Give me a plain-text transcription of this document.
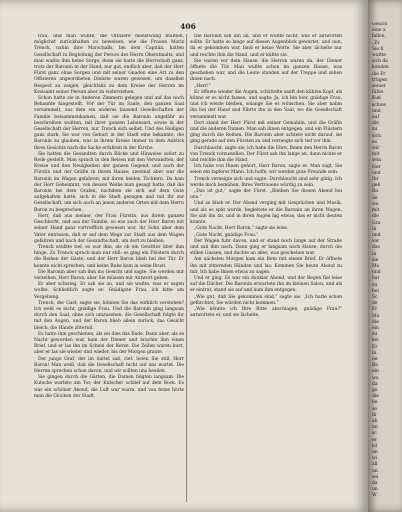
406

trau, und man wußte, die Offiziere dienstwillig mußten, möglichst zurückhalten zu beweisen, wie die Frauen Moriz Trenck, nahm ihre Marschalls, bei dem Capitän, hatten Gesellschaft in Begleitung der Person des Herrn Oberstmaltz, und man wußte ihm keine Sorge, denn sie hatte die Herrschaft ganz, trotz der Baronin in der Hand; nur gut, endlich aber, daß der Herr Fürst ganz ohne Sorgen und mit seiner Gnaden eine Art zu den Offizieren angeordneten Dienste waren gewesen, um daselbst Respect zu zeigen, gleichfalls zu dem Kreise der Herren im Kreisamt seiner Person aber zu widerstehen.

Schon hatte sie in Anderen Zimmern gelegen und auf das noch Bekannte hingestellt. Vor der Tür im Saale, den ganzen Saal versammelt, aus dem ein anderes tausend Gesellschaften der Familie beisammenkamen, daß sie die Baronin ungefähr zu beschreiben wußten, mit ihrer ganzen Lebensart, sowie in der Gesellschaft der Herren, nur Trenck sich selbst. Und des Heiligen ganz stark. Sie war von Geburt in der Stadt eine bekannte, die Baronin zu glauben, was in ihrem Kreise immer in dem Anblick ihres Gesichts nach die Sache erfahren in der Kirche.

Sie hatten die Gesandten durch Blicke und Hinweise sofort zu Rede gestellt. Man sprach in den Reisen mit den Verwandten, der Kreise und den Neuigkeiten der ganzen Gegend, und auch der Fürstin und der Gräfin in ihrem Hause; zweimal aber war die Baronin im Wagen gefahren; mit ihren beiden Töchtern. Da kam der Herr Geheimrat, von dessen Weibe man gesagt hatte, daß die Baronin bei dem Grafen, nachdem sie sich auf dem Gute aufgehalten hatte, sich in die Stadt gezogen und mit ihr zur Gesellschaft, um sich auch an jenen anderen Orten mit dem Herrn Baron zu besprechen.

Herr, daß aus meiner, der Frau Fürstin, aus ihrem ganzen Geschlecht, und aus der Familie, so wie auch der Herr Baron mit seiner Hand ganz vortrefflich gewesen war, ihr Sohn aber dem Vater entrissen, daß er auf dem Wege zur Stadt aus dem Wagen gefahren und nach der Gesandtschaft, um dort zu bleiben.

Trenck seufzte tief, es war ihm, als ob ein Gewitter über ihm hinge. Zu Trenck sprach man nur still: es ging ein Flüstern durch die Reihen der Gäste, und der Herr Baron blieb bei der Tür. Er konnte nicht sprechen, und keine Ruhe kam in seine Brust.

Die Baronin aber sah ihm ins Gesicht und sagte: Sie werden mir verzeihen, Herr Baron, aber Sie müssen mir Antwort geben.

Er aber schwieg. Er sah sie an, und sie wußte, was er sagen wollte. Schließlich sagte er: Gnädigste Frau, ich bitte um Vergebung.

Trenck, der Gast, sagte sie, können Sie das wirklich verstehen? Ich weiß es nicht, gnädige Frau. Und die Baronin ging langsam durch den Saal, ohne sich umzusehen; die Gesellschaft folgte ihr mit den Augen, und der Baron blieb allein zurück, das Gesicht bleich, die Hände zitternd.

Es hatte ihm geschienen, als sei dies das Ende. Dann aber, als es Nacht geworden war, kam der Diener und brachte ihm einen Brief, und er las ihn im Schein der Kerze. Die Zeilen waren kurz, aber er las sie wieder und wieder, bis der Morgen graute.

Der junge Graf, der im Sattel saß, rief: Seien Sie still, Herr Baron! Man weiß, daß die Gesellschaft nicht auf uns wartet. Die Herren sprechen schon davon, und wir sollten uns beeilen.

Sie gingen durch die Gärten, die Damen folgten langsam. Die Kutsche wartete am Tor, der Kutscher schlief auf dem Bock. Es war ein schöner Abend, die Luft war warm, und von ferne hörte man die Glocken der Stadt.

Die Baronin sah ihn an, und er wußte nicht, was er antworten sollte. Er hatte so lange auf diesen Augenblick gewartet, und nun, da er gekommen war, fand er keine Worte. Sie aber lächelte nur und reichte ihm die Hand, und er küßte sie.

Sie waren vor dem Hause, die Herren waren da, der Diener öffnete die Tür. Man wußte schon im ganzen Hause, was geschehen war, und die Leute standen auf der Treppe und sahen ihnen nach.

„Herr!“

Er öffnete wieder die Augen, schüttelte sanft den kühlen Kopf, als könne er es nicht fassen, und sagte: Ja, ich bin hier, gnädige Frau, und ich werde bleiben, solange Sie es wünschen. Sie aber nahm ihn bei der Hand und führte ihn in den Saal, wo die Gesellschaft versammelt war.

Dort stand der Herr Fürst mit seiner Gemahlin, und die Gräfin und die anderen Damen. Man sah ihnen entgegen, und ein Flüstern ging durch die Reihen. Die Baronin aber achtete nicht darauf, sie ging gerade auf den Fürsten zu und verneigte sich tief vor ihm.

Durchlaucht, sagte sie, ich habe die Ehre, Ihnen den Herrn Baron von Trenck vorzustellen. Der Fürst sah ihn lange an, dann nickte er und reichte ihm die Hand.

Ich habe von Ihnen gehört, Herr Baron, sagte er. Man sagt, Sie seien ein tapferer Mann. Ich hoffe, wir werden gute Freunde sein.

Trenck verneigte sich und sagte: Durchlaucht sind sehr gütig. Ich werde mich bemühen, Ihres Vertrauens würdig zu sein.

„Das ist gut,“ sagte der Fürst. „Bleiben Sie diesen Abend bei uns.“

Und so blieb er. Der Abend verging mit Gesprächen und Musik, und als es spät wurde, begleitete er die Baronin an ihren Wagen. Sie sah ihn an, und in ihren Augen lag etwas, das er nicht deuten konnte.

„Gute Nacht, Herr Baron,“ sagte sie leise.

„Gute Nacht, gnädige Frau.“

Der Wagen fuhr davon, und er stand noch lange auf der Straße und sah ihm nach. Dann ging er langsam nach Hause, durch die stillen Gassen, und dachte an alles, was geschehen war.

Am nächsten Morgen kam ein Bote mit einem Brief. Er öffnete ihn mit zitternden Händen und las: Kommen Sie heute Abend zu mir. Ich habe Ihnen etwas zu sagen.

Und er ging. Es war ein dunkler Abend, und der Regen fiel leise auf die Dächer. Die Baronin erwartete ihn im kleinen Salon, und als er eintrat, stand sie auf und kam ihm entgegen.

„Wie gut, daß Sie gekommen sind,“ sagte sie. „Ich hatte schon gefürchtet, Sie würden nicht kommen.“

„Wie könnte ich Ihre Bitte abschlagen, gnädige Frau?“ antwortete er, und sie lächelte.

Gesich

eine a

fallen,

„Er

Sie fi

wußte

sich da

kunden

die Fr

trügen

seiner

fühle

Kuß

schwe

und

auf

die

zu

sich

es

wir

mit

sein

Her

und

Ihr

geb

Ba

de

wu

mit

die

Gra

in

und

vor

das

in

sie

Ma

und

hal

zu

bei

Sc

de

Fr

Ma

die

ein

zu

kei

Er

in

ne

Ba

ein

wu

da

ge

die

be

se

ih

ab

mi

sc

er

ist

un

wi

all

un

sei

da

un

W
